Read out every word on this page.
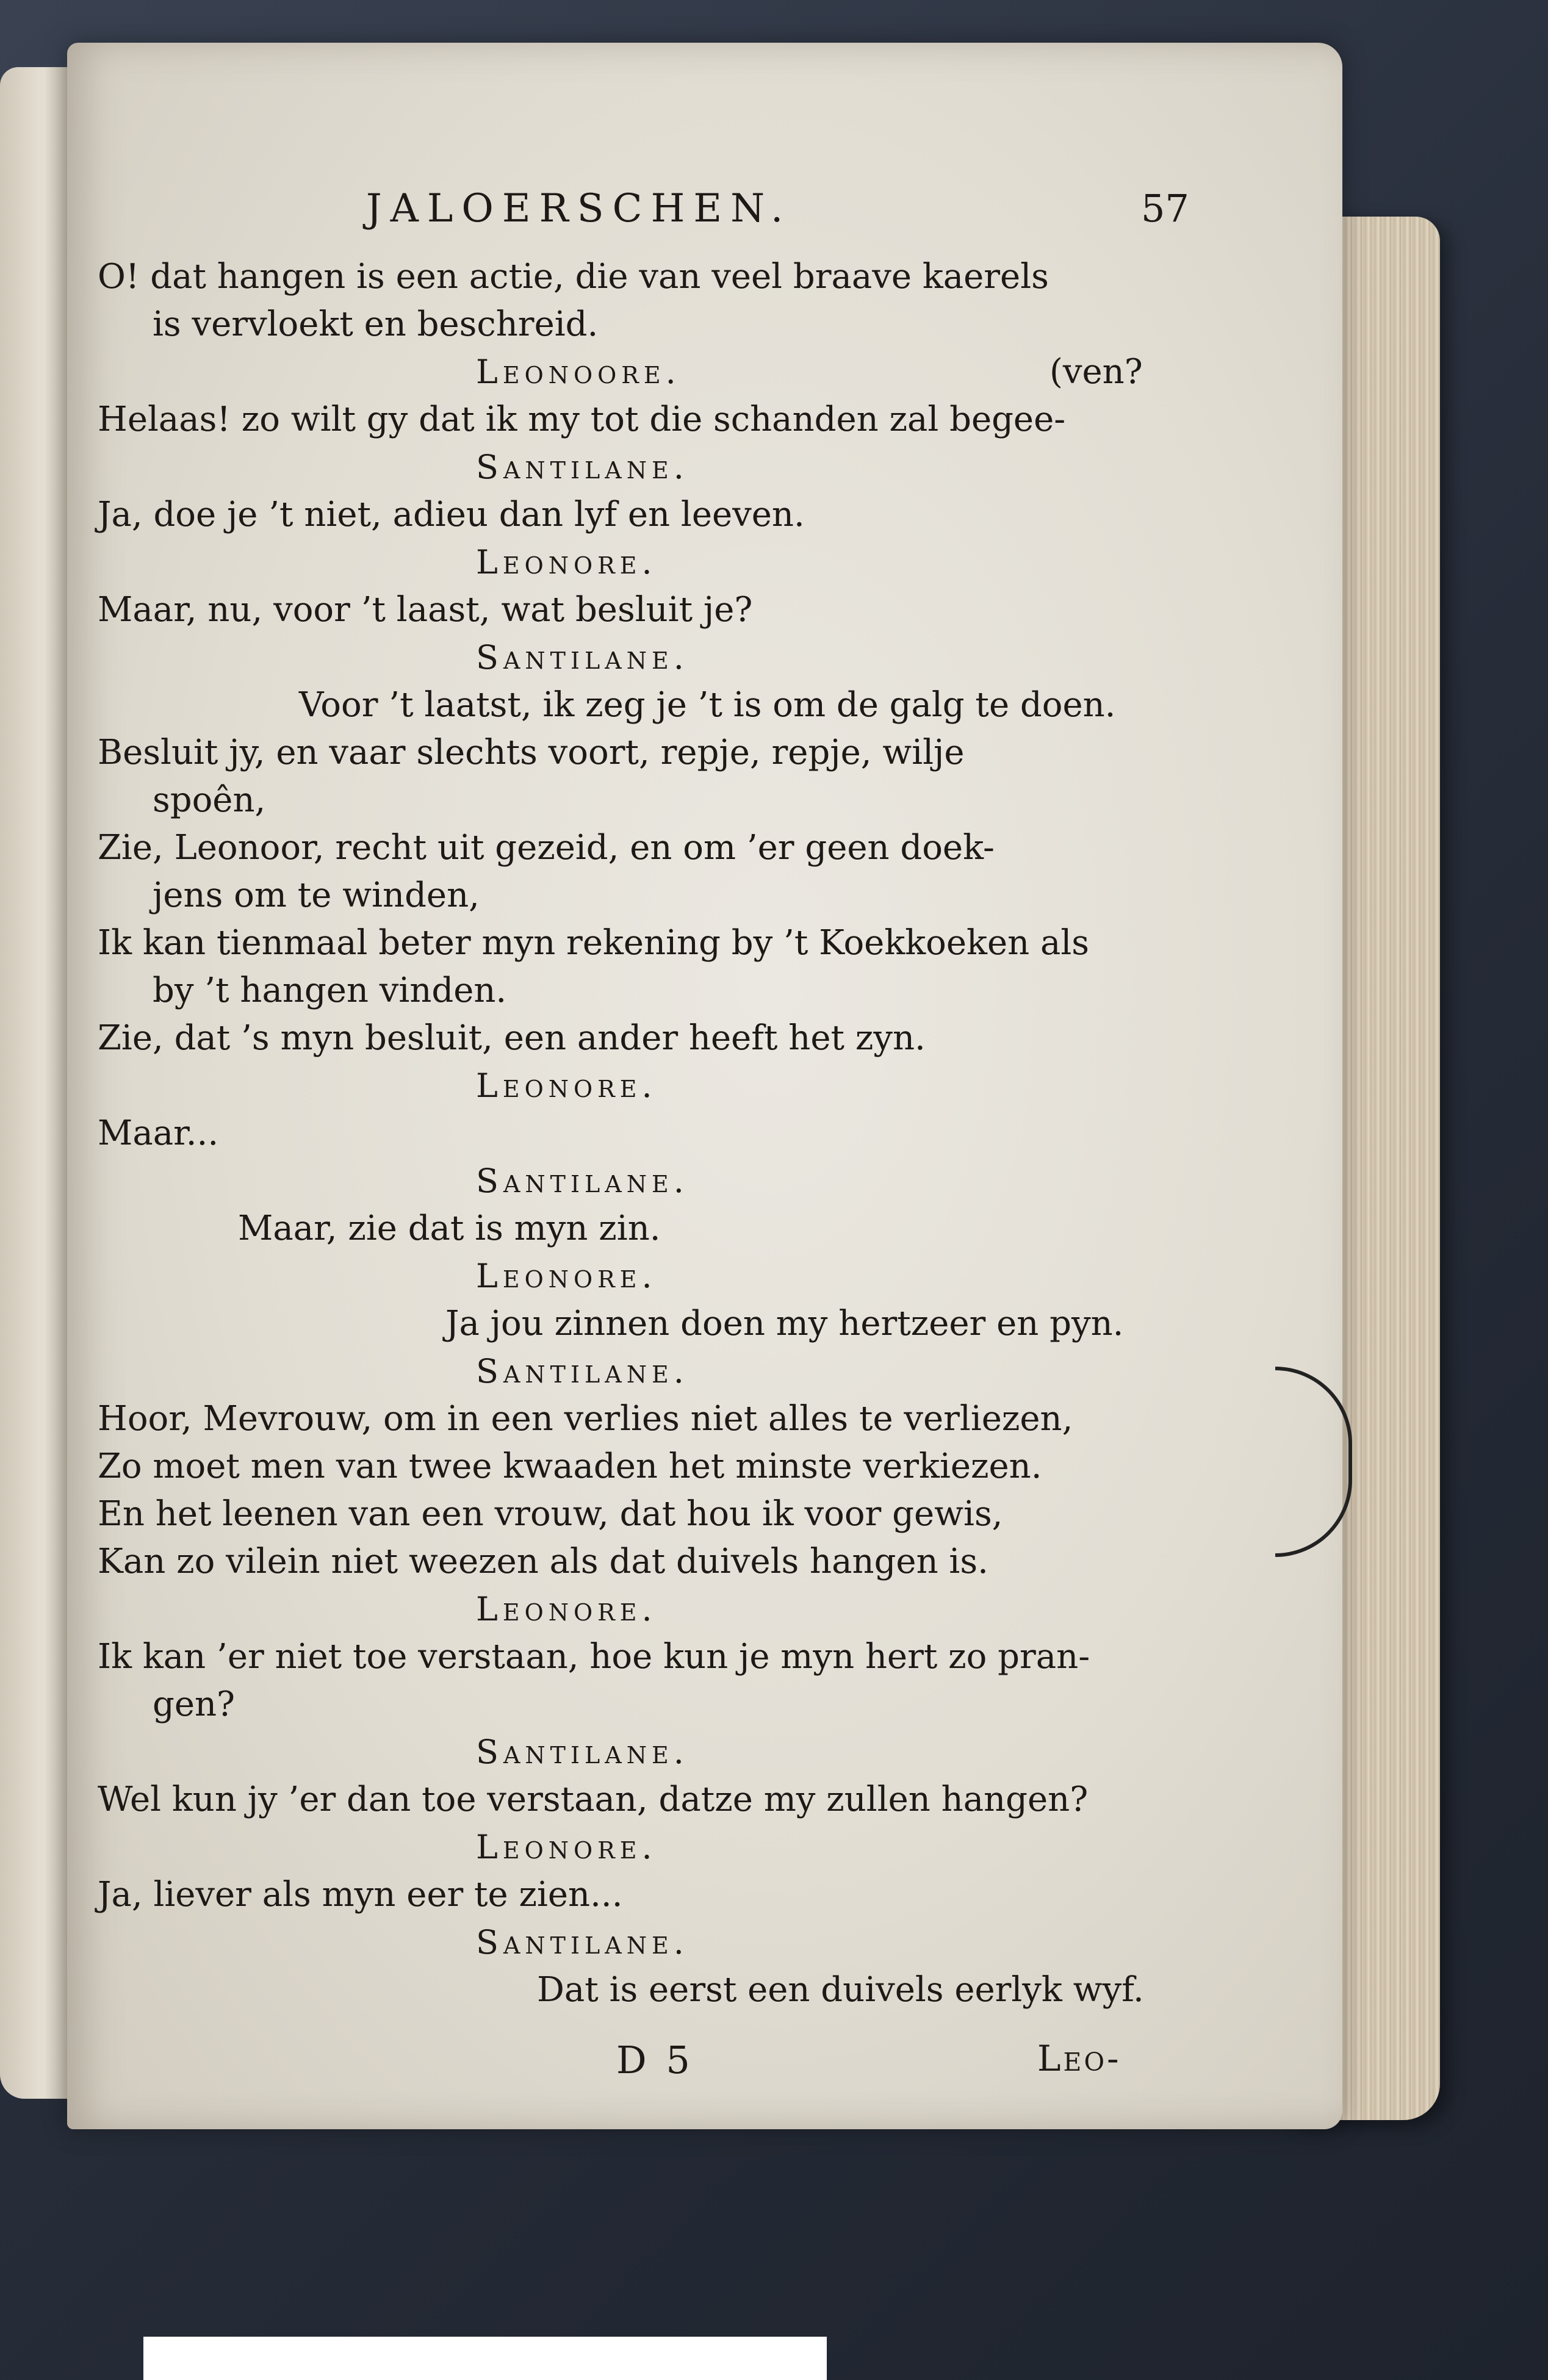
JALOERSCHEN.	57
O! dat hangen is een actie, die van veel braave kaerels
is vervloekt en beschreid.
Leonoore.	(ven?
Helaas! zo wilt gy dat ik my tot die schanden zal begee-
Santilane.
Ja, doe je ’t niet, adieu dan lyf en leeven.
Leonore.
Maar, nu, voor ’t laast, wat besluit je?
Santilane.
Voor ’t laatst, ik zeg je ’t is om de galg te doen.
Besluit jy, en vaar slechts voort, repje, repje, wilje
spoên,
Zie, Leonoor, recht uit gezeid, en om ’er geen doek-
jens om te winden,
Ik kan tienmaal beter myn rekening by ’t Koekkoeken als
by ’t hangen vinden.
Zie, dat ’s myn besluit, een ander heeft het zyn.
Leonore.
Maar...
Santilane.
Maar, zie dat is myn zin.
Leonore.
Ja jou zinnen doen my hertzeer en pyn.
Santilane.
Hoor, Mevrouw, om in een verlies niet alles te verliezen,
Zo moet men van twee kwaaden het minste verkiezen.
En het leenen van een vrouw, dat hou ik voor gewis,
Kan zo vilein niet weezen als dat duivels hangen is.
Leonore.
Ik kan ’er niet toe verstaan, hoe kun je myn hert zo pran-
gen?
Santilane.
Wel kun jy ’er dan toe verstaan, datze my zullen hangen?
Leonore.
Ja, liever als myn eer te zien...
Santilane.
Dat is eerst een duivels eerlyk wyf.
D 5	Leo-
